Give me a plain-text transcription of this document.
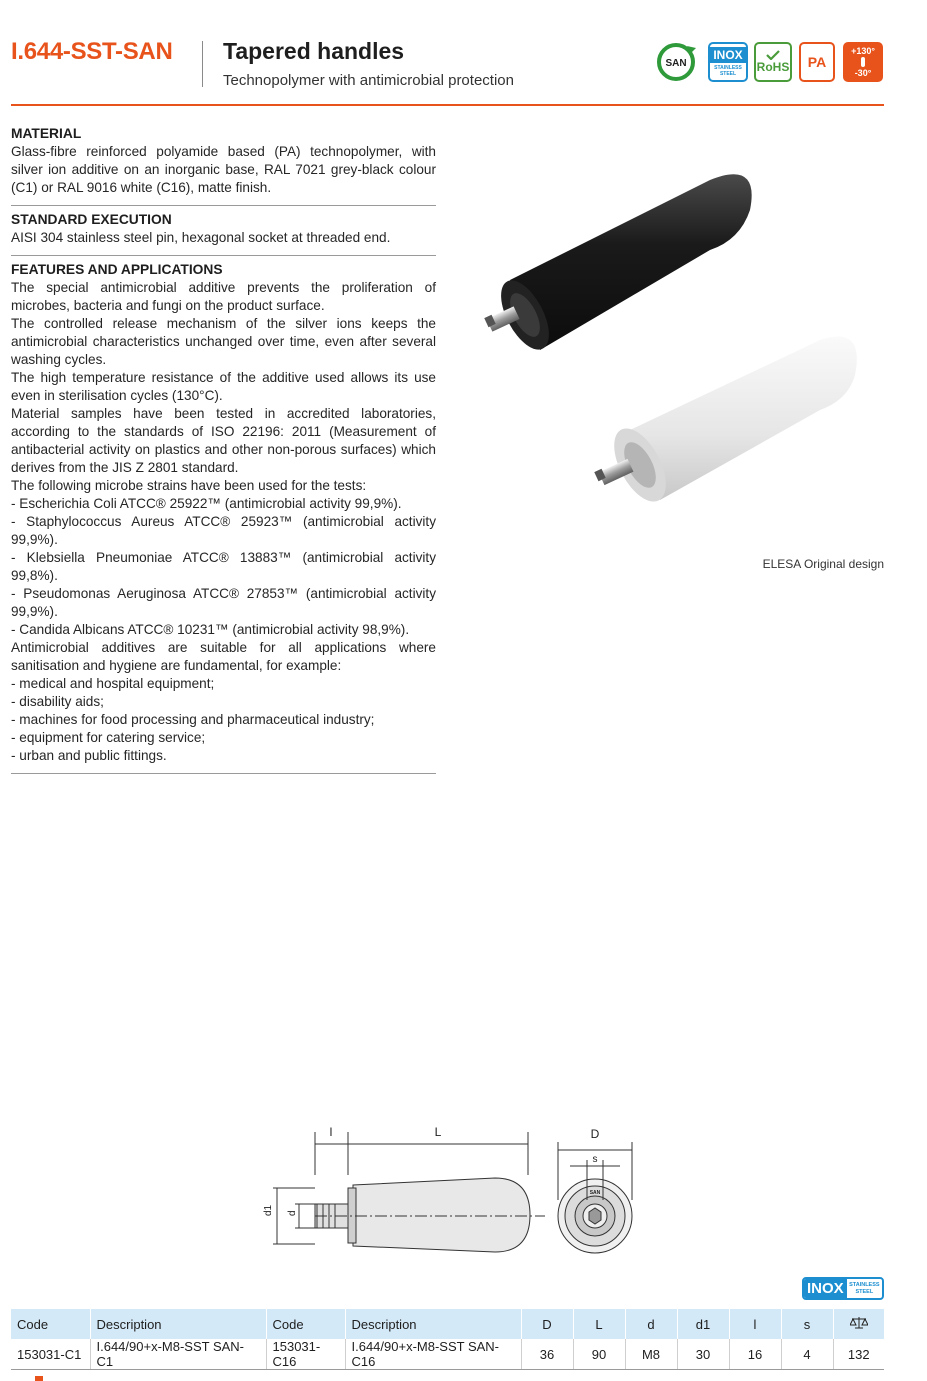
I.644-SST-SAN Tapered handles
Technopolymer with antimicrobial protection
SAN
INOX
STAINLESS
STEEL RoHS PA
+130°
-30°
MATERIAL

Glass-fibre reinforced polyamide based (PA) technopolymer, with silver ion additive on an inorganic base, RAL 7021 grey-black colour (C1) or RAL 9016 white (C16), matte finish.

STANDARD EXECUTION

AISI 304 stainless steel pin, hexagonal socket at threaded end.

FEATURES AND APPLICATIONS

The special antimicrobial additive prevents the proliferation of microbes, bacteria and fungi on the product surface.

The controlled release mechanism of the silver ions keeps the antimicrobial characteristics unchanged over time, even after several washing cycles.

The high temperature resistance of the additive used allows its use even in sterilisation cycles (130°C).

Material samples have been tested in accredited laboratories, according to the standards of ISO 22196: 2011 (Measurement of antibacterial activity on plastics and other non-porous surfaces) which derives from the JIS Z 2801 standard.

The following microbe strains have been used for the tests:

- Escherichia Coli ATCC® 25922™ (antimicrobial activity 99,9%).

- Staphylococcus Aureus ATCC® 25923™ (antimicrobial activity 99,9%).

- Klebsiella Pneumoniae ATCC® 13883™ (antimicrobial activity 99,8%).

- Pseudomonas Aeruginosa ATCC® 27853™ (antimicrobial activity 99,9%).

- Candida Albicans ATCC® 10231™ (antimicrobial activity 98,9%).

Antimicrobial additives are suitable for all applications where sanitisation and hygiene are fundamental, for example:

- medical and hospital equipment;

- disability aids;

- machines for food processing and pharmaceutical industry;

- equipment for catering service;

- urban and public fittings.

ELESA Original design
l	L	D
s
d1 d
SAN
INOX STAINLESS
STEEL
Code	Description	Code	Description	D	L	d	d1	l	s	
153031-C1	I.644/90+x-M8-SST SAN-C1	153031-C16	I.644/90+x-M8-SST SAN-C16	36	90	M8	30	16	4	132
